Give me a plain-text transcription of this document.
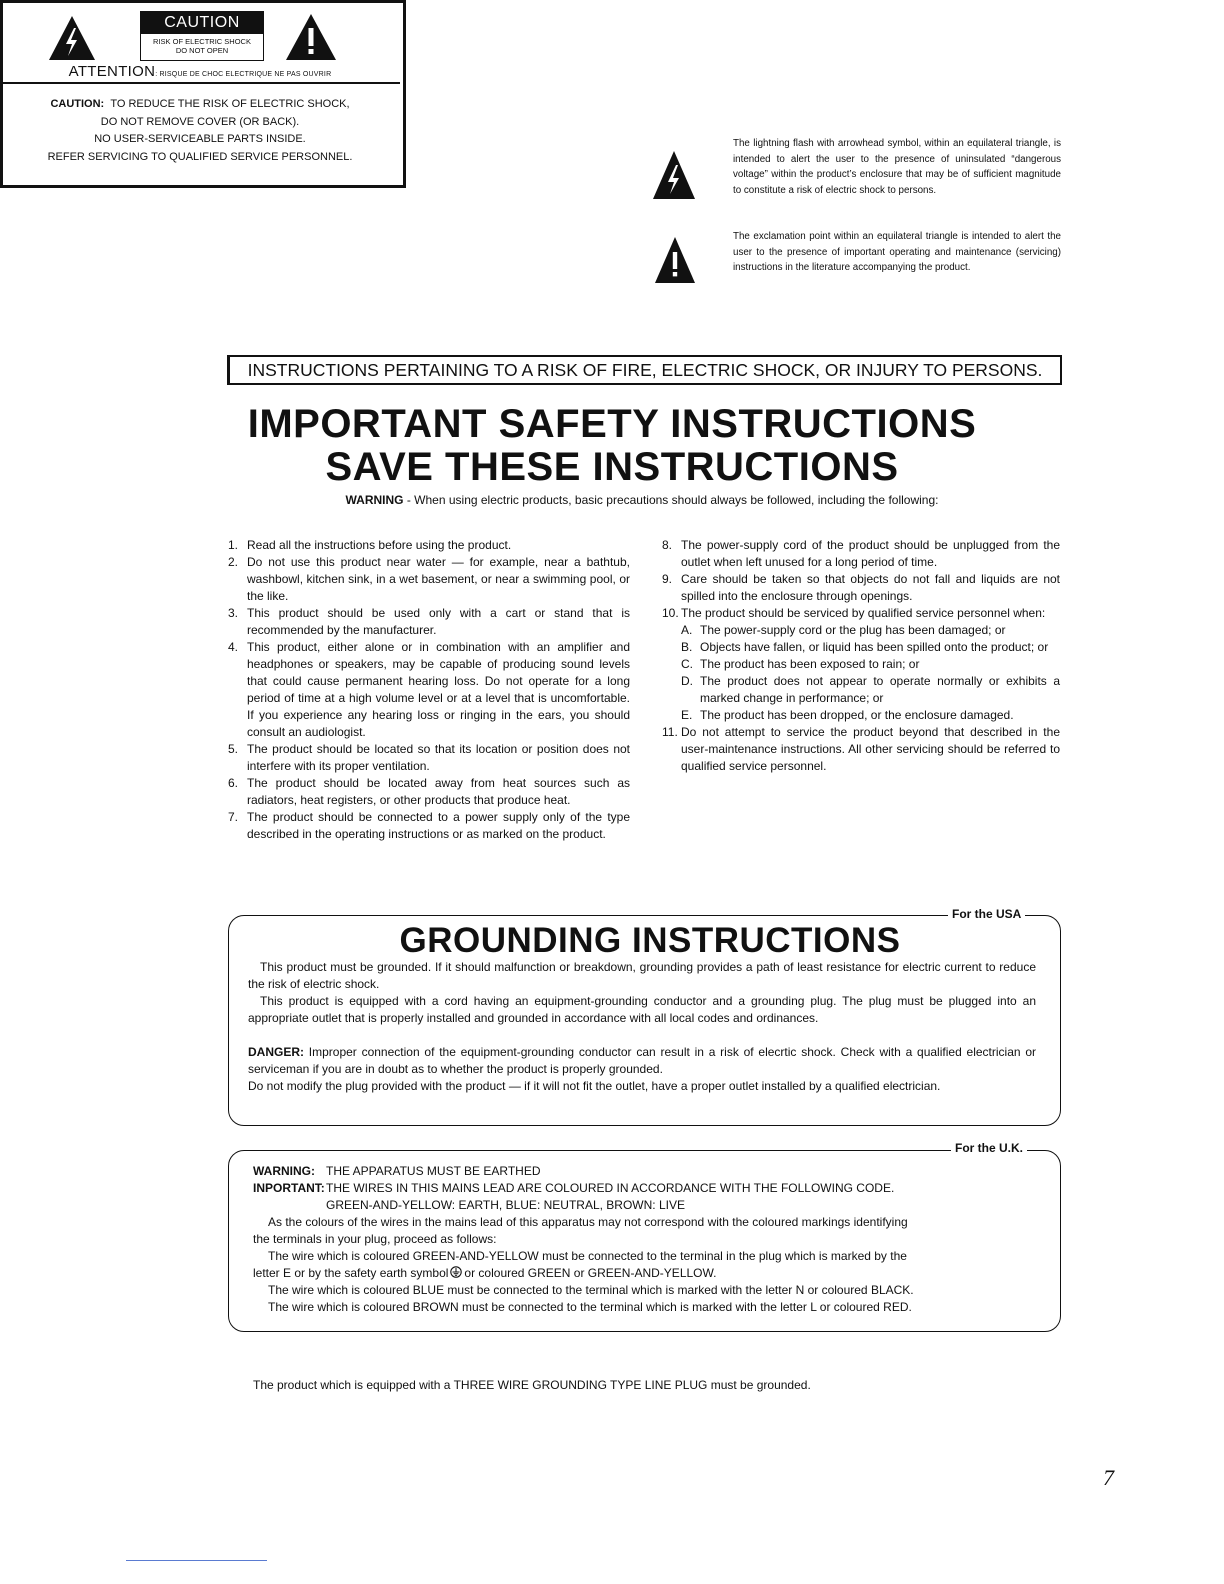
CAUTION
RISK OF ELECTRIC SHOCK
DO NOT OPEN
ATTENTION: RISQUE DE CHOC ELECTRIQUE NE PAS OUVRIR
CAUTION: TO REDUCE THE RISK OF ELECTRIC SHOCK,
DO NOT REMOVE COVER (OR BACK).
NO USER-SERVICEABLE PARTS INSIDE.
REFER SERVICING TO QUALIFIED SERVICE PERSONNEL.
The lightning flash with arrowhead symbol, within an equilateral triangle, is intended to alert the user to the presence of uninsulated “dangerous voltage” within the product’s enclosure that may be of sufficient magnitude to constitute a risk of electric shock to persons.
The exclamation point within an equilateral triangle is intended to alert the user to the presence of important operating and maintenance (servicing) instructions in the literature accompanying the product.
INSTRUCTIONS PERTAINING TO A RISK OF FIRE, ELECTRIC SHOCK, OR INJURY TO PERSONS.
IMPORTANT SAFETY INSTRUCTIONS
SAVE THESE INSTRUCTIONS
WARNING - When using electric products, basic precautions should always be followed, including the following:
1. Read all the instructions before using the product.
2. Do not use this product near water — for example, near a bathtub, washbowl, kitchen sink, in a wet basement, or near a swimming pool, or the like.
3. This product should be used only with a cart or stand that is recommended by the manufacturer.
4. This product, either alone or in combination with an amplifier and headphones or speakers, may be capable of producing sound levels that could cause permanent hearing loss. Do not operate for a long period of time at a high volume level or at a level that is uncomfortable. If you experience any hearing loss or ringing in the ears, you should consult an audiologist.
5. The product should be located so that its location or position does not interfere with its proper ventilation.
6. The product should be located away from heat sources such as radiators, heat registers, or other products that produce heat.
7. The product should be connected to a power supply only of the type described in the operating instructions or as marked on the product.
8. The power-supply cord of the product should be unplugged from the outlet when left unused for a long period of time.
9. Care should be taken so that objects do not fall and liquids are not spilled into the enclosure through openings.
10. The product should be serviced by qualified service personnel when:
A. The power-supply cord or the plug has been damaged; or
B. Objects have fallen, or liquid has been spilled onto the product; or
C. The product has been exposed to rain; or
D. The product does not appear to operate normally or exhibits a marked change in performance; or
E. The product has been dropped, or the enclosure damaged.
11. Do not attempt to service the product beyond that described in the user-maintenance instructions. All other servicing should be referred to qualified service personnel.
For the USA
GROUNDING INSTRUCTIONS
This product must be grounded. If it should malfunction or breakdown, grounding provides a path of least resistance for electric current to reduce the risk of electric shock.
This product is equipped with a cord having an equipment-grounding conductor and a grounding plug. The plug must be plugged into an appropriate outlet that is properly installed and grounded in accordance with all local codes and ordinances.
DANGER: Improper connection of the equipment-grounding conductor can result in a risk of elecrtic shock. Check with a qualified electrician or serviceman if you are in doubt as to whether the product is properly grounded.
Do not modify the plug provided with the product — if it will not fit the outlet, have a proper outlet installed by a qualified electrician.
For the U.K.
WARNING: THE APPARATUS MUST BE EARTHED
INPORTANT: THE WIRES IN THIS MAINS LEAD ARE COLOURED IN ACCORDANCE WITH THE FOLLOWING CODE.
GREEN-AND-YELLOW: EARTH, BLUE: NEUTRAL, BROWN: LIVE
As the colours of the wires in the mains lead of this apparatus may not correspond with the coloured markings identifying
the terminals in your plug, proceed as follows:
The wire which is coloured GREEN-AND-YELLOW must be connected to the terminal in the plug which is marked by the
letter E or by the safety earth symbol or coloured GREEN or GREEN-AND-YELLOW.
The wire which is coloured BLUE must be connected to the terminal which is marked with the letter N or coloured BLACK.
The wire which is coloured BROWN must be connected to the terminal which is marked with the letter L or coloured RED.
The product which is equipped with a THREE WIRE GROUNDING TYPE LINE PLUG must be grounded.
7
